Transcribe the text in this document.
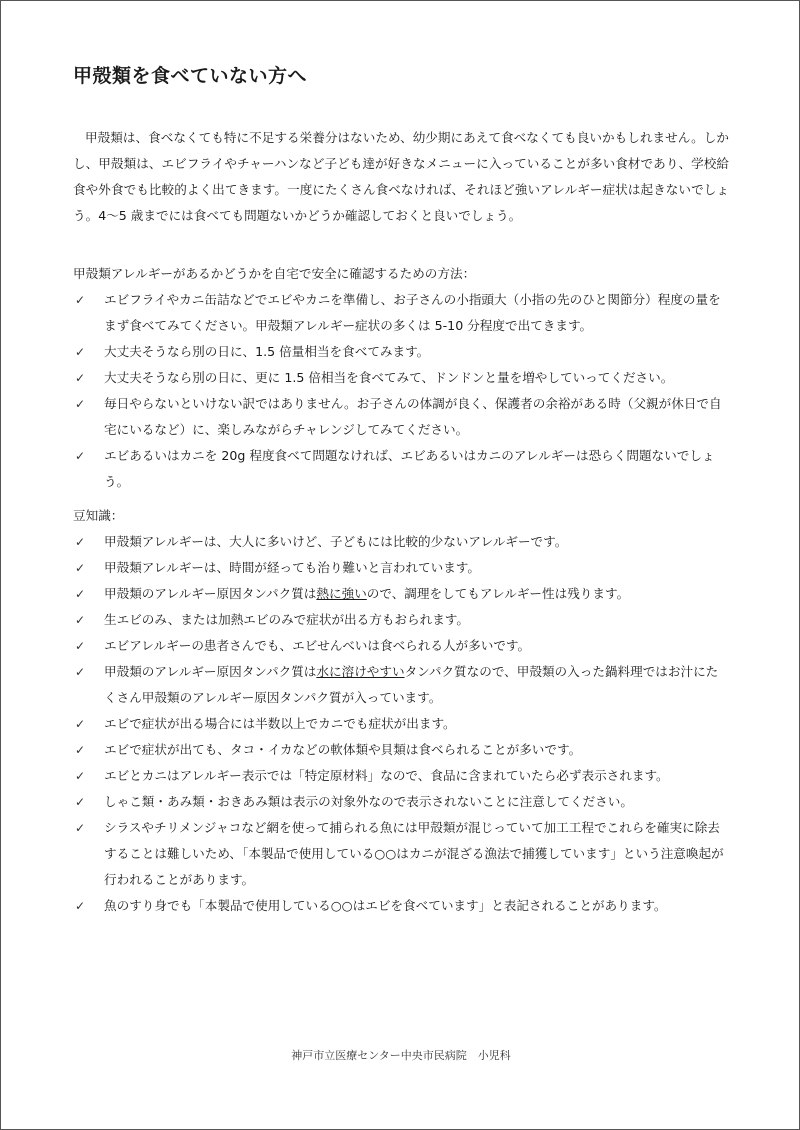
甲殻類を食べていない方へ
甲殻類は、食べなくても特に不足する栄養分はないため、幼少期にあえて食べなくても良いかもしれません。しかし、甲殻類は、エビフライやチャーハンなど子ども達が好きなメニューに入っていることが多い食材であり、学校給食や外食でも比較的よく出てきます。一度にたくさん食べなければ、それほど強いアレルギー症状は起きないでしょう。4～5 歳までには食べても問題ないかどうか確認しておくと良いでしょう。
甲殻類アレルギーがあるかどうかを自宅で安全に確認するための方法：
✓ エビフライやカニ缶詰などでエビやカニを準備し、お子さんの小指頭大（小指の先のひと関節分）程度の量をまず食べてみてください。甲殻類アレルギー症状の多くは 5-10 分程度で出てきます。
✓ 大丈夫そうなら別の日に、1.5 倍量相当を食べてみます。
✓ 大丈夫そうなら別の日に、更に 1.5 倍相当を食べてみて、ドンドンと量を増やしていってください。
✓ 毎日やらないといけない訳ではありません。お子さんの体調が良く、保護者の余裕がある時（父親が休日で自宅にいるなど）に、楽しみながらチャレンジしてみてください。
✓ エビあるいはカニを 20g 程度食べて問題なければ、エビあるいはカニのアレルギーは恐らく問題ないでしょう。
豆知識：
✓ 甲殻類アレルギーは、大人に多いけど、子どもには比較的少ないアレルギーです。
✓ 甲殻類アレルギーは、時間が経っても治り難いと言われています。
✓ 甲殻類のアレルギー原因タンパク質は熱に強いので、調理をしてもアレルギー性は残ります。
✓ 生エビのみ、または加熱エビのみで症状が出る方もおられます。
✓ エビアレルギーの患者さんでも、エビせんべいは食べられる人が多いです。
✓ 甲殻類のアレルギー原因タンパク質は水に溶けやすいタンパク質なので、甲殻類の入った鍋料理ではお汁にたくさん甲殻類のアレルギー原因タンパク質が入っています。
✓ エビで症状が出る場合には半数以上でカニでも症状が出ます。
✓ エビで症状が出ても、タコ・イカなどの軟体類や貝類は食べられることが多いです。
✓ エビとカニはアレルギー表示では「特定原材料」なので、食品に含まれていたら必ず表示されます。
✓ しゃこ類・あみ類・おきあみ類は表示の対象外なので表示されないことに注意してください。
✓ シラスやチリメンジャコなど網を使って捕られる魚には甲殻類が混じっていて加工工程でこれらを確実に除去することは難しいため、「本製品で使用している○○はカニが混ざる漁法で捕獲しています」という注意喚起が行われることがあります。
✓ 魚のすり身でも「本製品で使用している○○はエビを食べています」と表記されることがあります。
神戸市立医療センター中央市民病院　小児科
